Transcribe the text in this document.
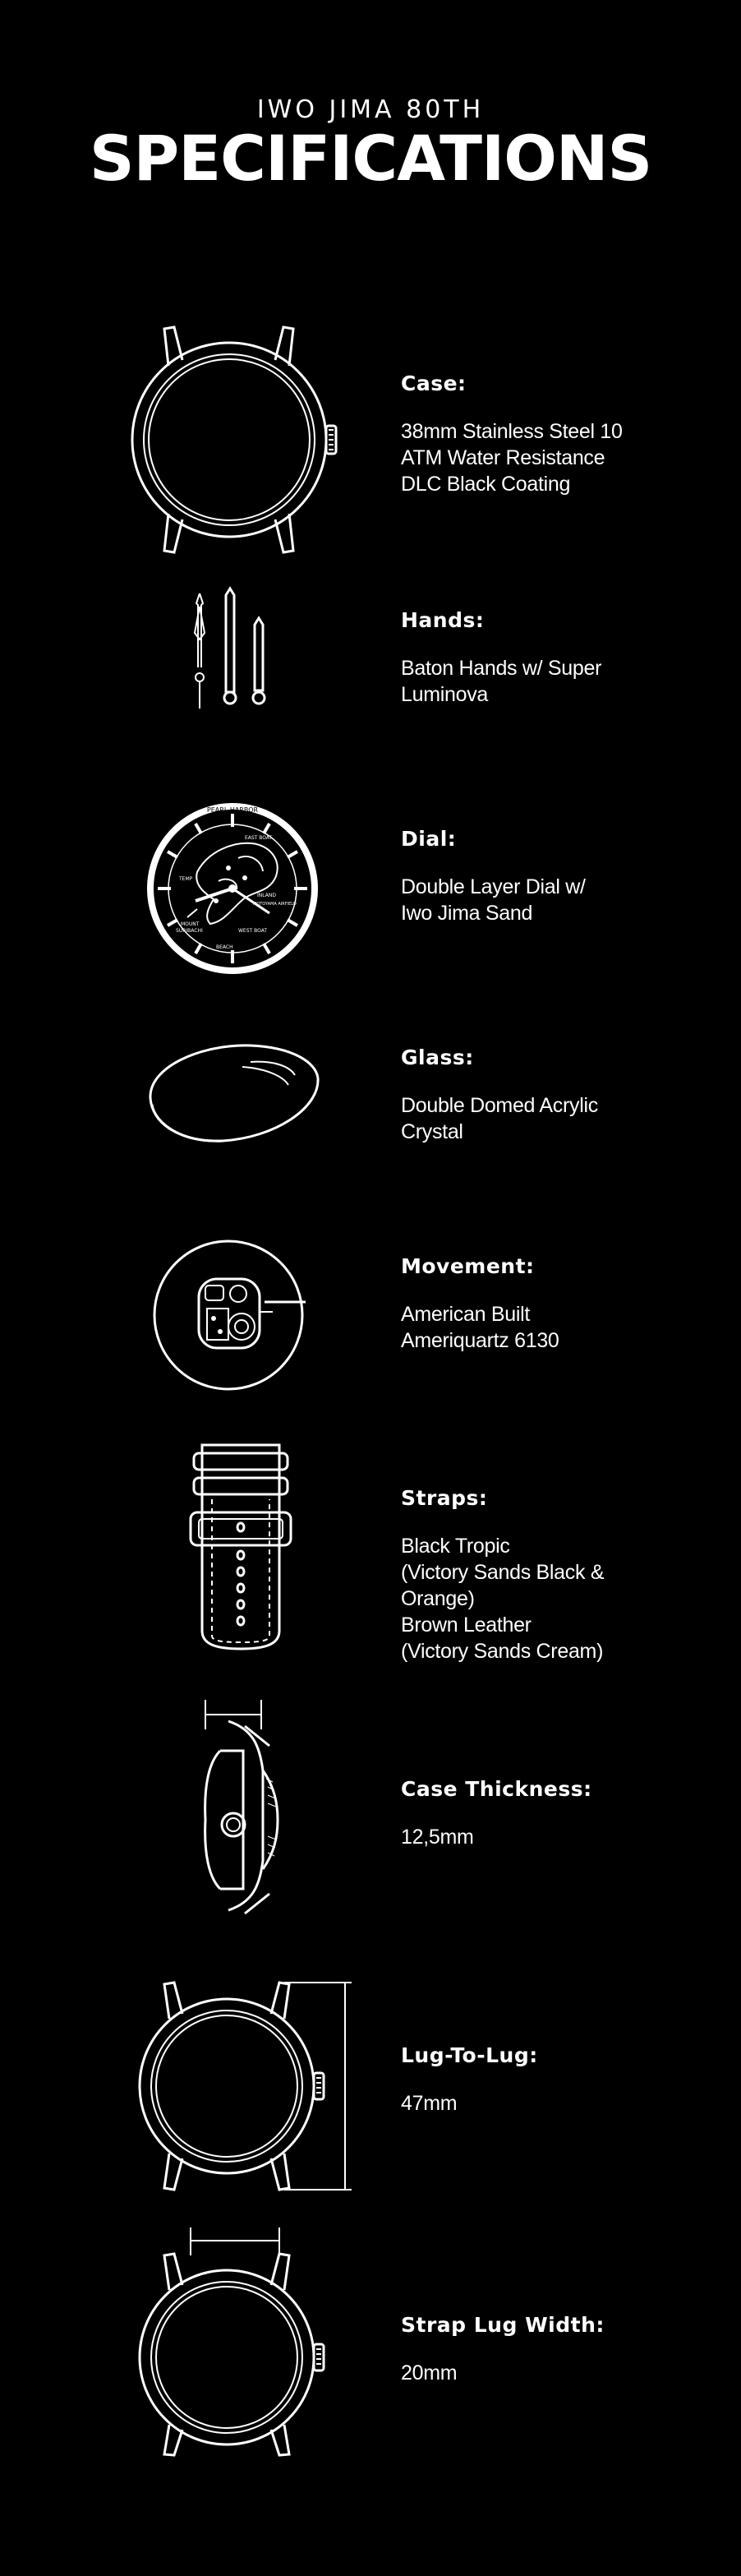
IWO JIMA 80TH
SPECIFICATIONS
Case:
38mm Stainless Steel 10
ATM Water Resistance
DLC Black Coating
Hands:
Baton Hands w/ Super
Luminova
PEARL HARBOR
TEMP
EAST BOAT
MOUNT
SURIBACHI
INLAND
WEST BOAT
BEACH
MOTOYAMA AIRFIELD
Dial:
Double Layer Dial w/
Iwo Jima Sand
Glass:
Double Domed Acrylic
Crystal
Movement:
American Built
Ameriquartz 6130
Straps:
Black Tropic
(Victory Sands Black &
Orange)
Brown Leather
(Victory Sands Cream)
Case Thickness:
12,5mm
Lug-To-Lug:
47mm
Strap Lug Width:
20mm
